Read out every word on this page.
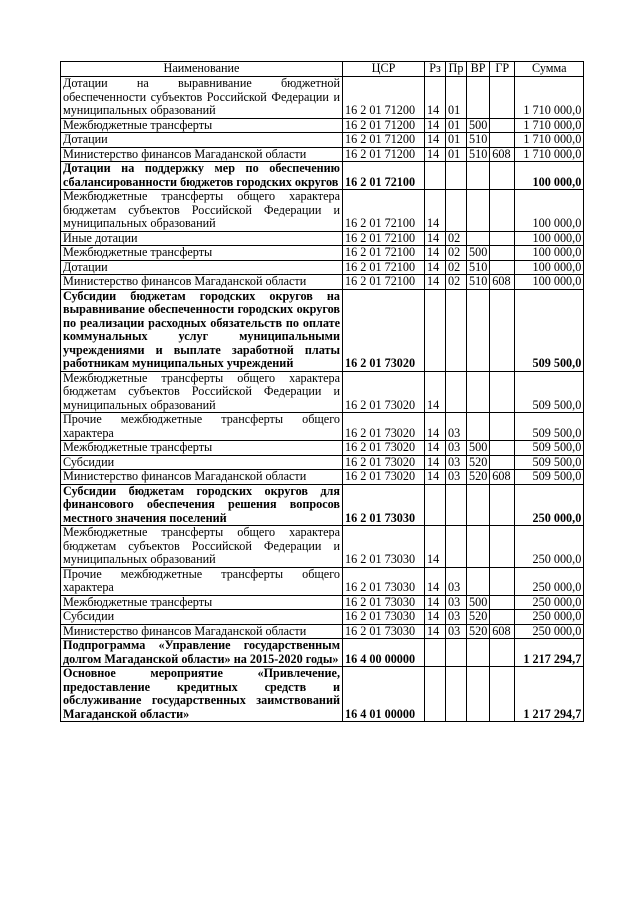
Наименование	ЦСР	Рз	Пр	ВР	ГР	Сумма
Дотации на выравнивание бюджетной обеспеченности субъектов Российской Федерации и муниципальных образований	16 2 01 71200	14	01			1 710 000,0
Межбюджетные трансферты	16 2 01 71200	14	01	500		1 710 000,0
Дотации	16 2 01 71200	14	01	510		1 710 000,0
Министерство финансов Магаданской области	16 2 01 71200	14	01	510	608	1 710 000,0
Дотации на поддержку мер по обеспечению сбалансированности бюджетов городских округов	16 2 01 72100					100 000,0
Межбюджетные трансферты общего характера бюджетам субъектов Российской Федерации и муниципальных образований	16 2 01 72100	14				100 000,0
Иные дотации	16 2 01 72100	14	02			100 000,0
Межбюджетные трансферты	16 2 01 72100	14	02	500		100 000,0
Дотации	16 2 01 72100	14	02	510		100 000,0
Министерство финансов Магаданской области	16 2 01 72100	14	02	510	608	100 000,0
Субсидии бюджетам городских округов на выравнивание обеспеченности городских округов по реализации расходных обязательств по оплате коммунальных услуг муниципальными учреждениями и выплате заработной платы работникам муниципальных учреждений	16 2 01 73020					509 500,0
Межбюджетные трансферты общего характера бюджетам субъектов Российской Федерации и муниципальных образований	16 2 01 73020	14				509 500,0
Прочие межбюджетные трансферты общего характера	16 2 01 73020	14	03			509 500,0
Межбюджетные трансферты	16 2 01 73020	14	03	500		509 500,0
Субсидии	16 2 01 73020	14	03	520		509 500,0
Министерство финансов Магаданской области	16 2 01 73020	14	03	520	608	509 500,0
Субсидии бюджетам городских округов для финансового обеспечения решения вопросов местного значения поселений	16 2 01 73030					250 000,0
Межбюджетные трансферты общего характера бюджетам субъектов Российской Федерации и муниципальных образований	16 2 01 73030	14				250 000,0
Прочие межбюджетные трансферты общего характера	16 2 01 73030	14	03			250 000,0
Межбюджетные трансферты	16 2 01 73030	14	03	500		250 000,0
Субсидии	16 2 01 73030	14	03	520		250 000,0
Министерство финансов Магаданской области	16 2 01 73030	14	03	520	608	250 000,0
Подпрограмма «Управление государственным долгом Магаданской области» на 2015-2020 годы»	16 4 00 00000					1 217 294,7
Основное мероприятие «Привлечение, предоставление кредитных средств и обслуживание государственных заимствований Магаданской области»	16 4 01 00000					1 217 294,7
